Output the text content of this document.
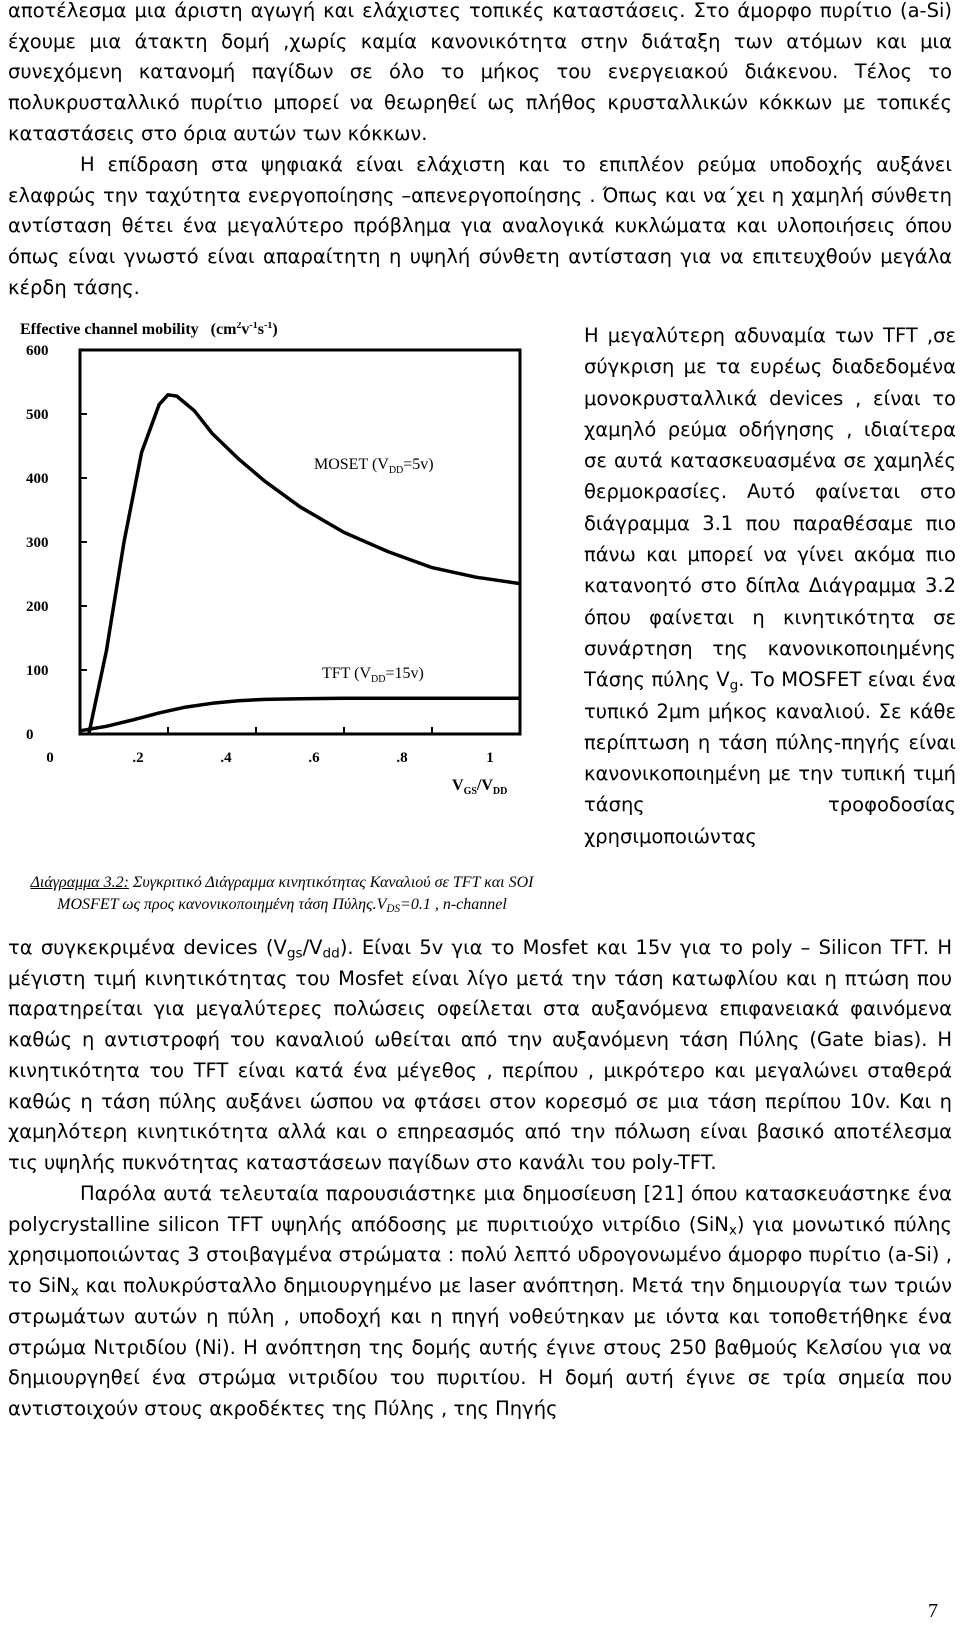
αποτέλεσμα μια άριστη αγωγή και ελάχιστες τοπικές καταστάσεις. Στο άμορφο πυρίτιο (a-Si) έχουμε μια άτακτη δομή ,χωρίς καμία κανονικότητα στην διάταξη των ατόμων και μια συνεχόμενη κατανομή παγίδων σε όλο το μήκος του ενεργειακού διάκενου. Τέλος το πολυκρυσταλλικό πυρίτιο μπορεί να θεωρηθεί ως πλήθος κρυσταλλικών κόκκων με τοπικές καταστάσεις στο όρια αυτών των κόκκων.

Η επίδραση στα ψηφιακά είναι ελάχιστη και το επιπλέον ρεύμα υποδοχής αυξάνει ελαφρώς την ταχύτητα ενεργοποίησης –απενεργοποίησης . Όπως και να΄χει η χαμηλή σύνθετη αντίσταση θέτει ένα μεγαλύτερο πρόβλημα για αναλογικά κυκλώματα και υλοποιήσεις όπου όπως είναι γνωστό είναι απαραίτητη η υψηλή σύνθετη αντίσταση για να επιτευχθούν μεγάλα κέρδη τάσης.

Effective channel mobility $(cm^2v^{-1}s^{-1})$
0
100
200
300
400
500
600
0	.2	.4	.6	.8	1
MOSET $(V_{DD}=5v)$
TFT $(V_{DD}=15v)$
$V_{GS}/V_{DD}$
Διάγραμμα 3.2: Συγκριτικό Διάγραμμα κινητικότητας Καναλιού σε TFT και SOI MOSFET ως προς κανονικοποιημένη τάση $\Pi ύ\lambda\eta\varsigma.V_{DS}=0.1$ , n-channel

Η μεγαλύτερη αδυναμία των TFT ,σε σύγκριση με τα ευρέως διαδεδομένα μονοκρυσταλλικά devices , είναι το χαμηλό ρεύμα οδήγησης , ιδιαίτερα σε αυτά κατασκευασμένα σε χαμηλές θερμοκρασίες. Αυτό φαίνεται στο διάγραμμα 3.1 που παραθέσαμε πιο πάνω και μπορεί να γίνει ακόμα πιο κατανοητό στο δίπλα Διάγραμμα 3.2 όπου φαίνεται η κινητικότητα σε συνάρτηση της κανονικοποιημένης Τάσης πύλης $V_g$. Το MOSFET είναι ένα τυπικό 2μm μήκος καναλιού. Σε κάθε περίπτωση η τάση πύλης-πηγής είναι κανονικοποιημένη με την τυπική τιμή τάσης τροφοδοσίας χρησιμοποιώντας

τα συγκεκριμένα devices $(V_{gs}/V_{dd})$. Είναι 5v για το Mosfet και 15v για το poly – Silicon TFT. Η μέγιστη τιμή κινητικότητας του Mosfet είναι λίγο μετά την τάση κατωφλίου και η πτώση που παρατηρείται για μεγαλύτερες πολώσεις οφείλεται στα αυξανόμενα επιφανειακά φαινόμενα καθώς η αντιστροφή του καναλιού ωθείται από την αυξανόμενη τάση Πύλης (Gate bias). Η κινητικότητα του TFT είναι κατά ένα μέγεθος , περίπου , μικρότερο και μεγαλώνει σταθερά καθώς η τάση πύλης αυξάνει ώσπου να φτάσει στον κορεσμό σε μια τάση περίπου 10v. Και η χαμηλότερη κινητικότητα αλλά και ο επηρεασμός από την πόλωση είναι βασικό αποτέλεσμα τις υψηλής πυκνότητας καταστάσεων παγίδων στο κανάλι του poly-TFT.

Παρόλα αυτά τελευταία παρουσιάστηκε μια δημοσίευση [21] όπου κατασκευάστηκε ένα polycrystalline silicon TFT υψηλής απόδοσης με πυριτιούχο νιτρίδιο (SiN$_x$) για μονωτικό πύλης χρησιμοποιώντας 3 στοιβαγμένα στρώματα : πολύ λεπτό υδρογονωμένο άμορφο πυρίτιο (a-Si) , το SiN$_x$ και πολυκρύσταλλο δημιουργημένο με laser ανόπτηση. Μετά την δημιουργία των τριών στρωμάτων αυτών η πύλη , υποδοχή και η πηγή νοθεύτηκαν με ιόντα και τοποθετήθηκε ένα στρώμα Νιτριδίου (Ni). Η ανόπτηση της δομής αυτής έγινε στους 250 βαθμούς Κελσίου για να δημιουργηθεί ένα στρώμα νιτριδίου του πυριτίου. Η δομή αυτή έγινε σε τρία σημεία που αντιστοιχούν στους ακροδέκτες της Πύλης , της Πηγής

7
